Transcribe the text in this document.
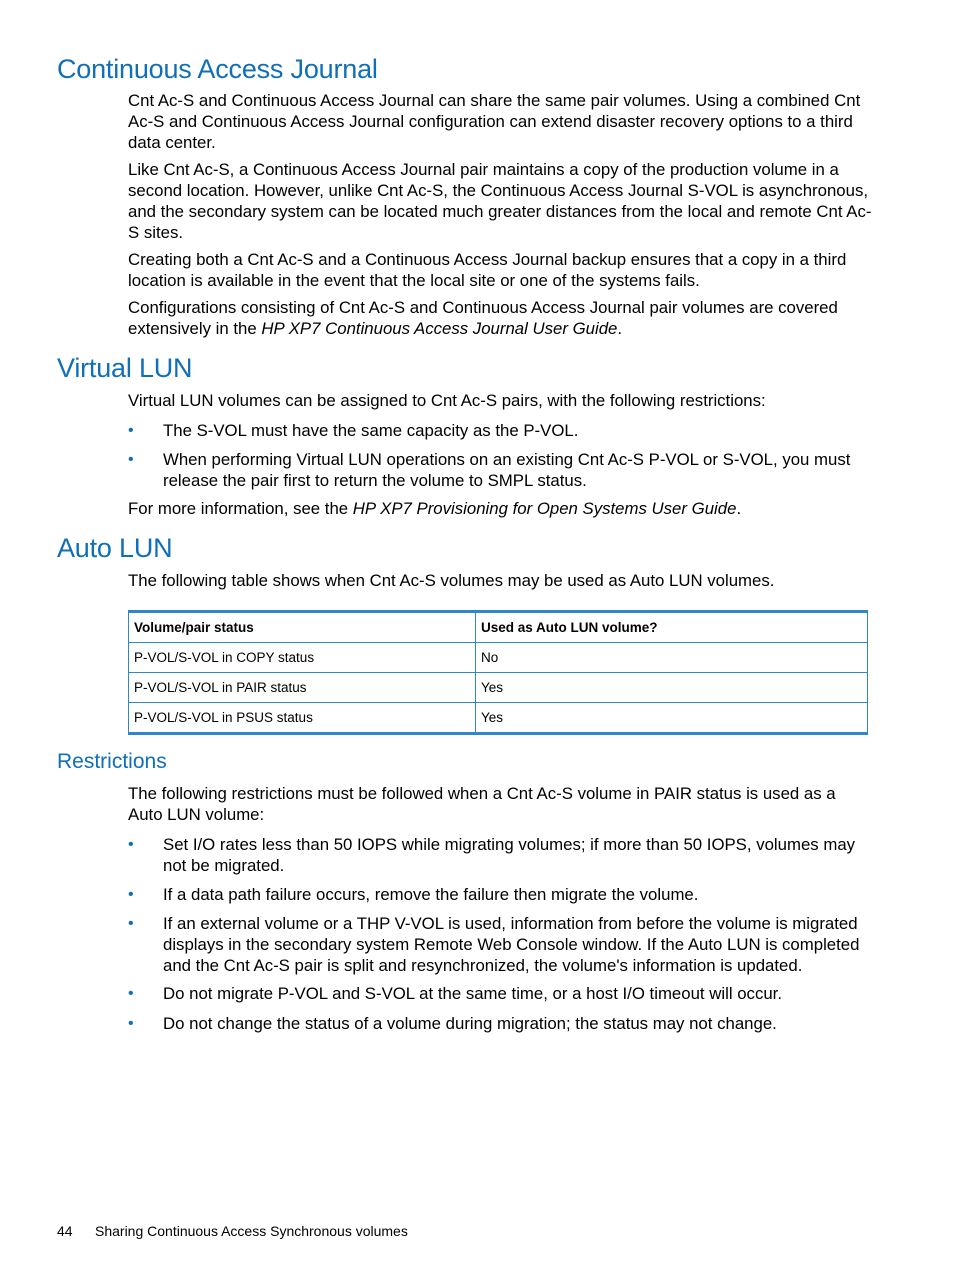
Continuous Access Journal

Cnt Ac-S and Continuous Access Journal can share the same pair volumes. Using a combined Cnt Ac-S and Continuous Access Journal configuration can extend disaster recovery options to a third data center.

Like Cnt Ac-S, a Continuous Access Journal pair maintains a copy of the production volume in a second location. However, unlike Cnt Ac-S, the Continuous Access Journal S-VOL is asynchronous, and the secondary system can be located much greater distances from the local and remote Cnt Ac-S sites.

Creating both a Cnt Ac-S and a Continuous Access Journal backup ensures that a copy in a third location is available in the event that the local site or one of the systems fails.

Configurations consisting of Cnt Ac-S and Continuous Access Journal pair volumes are covered extensively in the HP XP7 Continuous Access Journal User Guide.

Virtual LUN

Virtual LUN volumes can be assigned to Cnt Ac-S pairs, with the following restrictions:

• The S-VOL must have the same capacity as the P-VOL.
• When performing Virtual LUN operations on an existing Cnt Ac-S P-VOL or S-VOL, you must release the pair first to return the volume to SMPL status.

For more information, see the HP XP7 Provisioning for Open Systems User Guide.

Auto LUN

The following table shows when Cnt Ac-S volumes may be used as Auto LUN volumes.

Volume/pair status	Used as Auto LUN volume?
P-VOL/S-VOL in COPY status	No
P-VOL/S-VOL in PAIR status	Yes
P-VOL/S-VOL in PSUS status	Yes
Restrictions

The following restrictions must be followed when a Cnt Ac-S volume in PAIR status is used as a Auto LUN volume:

• Set I/O rates less than 50 IOPS while migrating volumes; if more than 50 IOPS, volumes may not be migrated.
• If a data path failure occurs, remove the failure then migrate the volume.
• If an external volume or a THP V-VOL is used, information from before the volume is migrated displays in the secondary system Remote Web Console window. If the Auto LUN is completed and the Cnt Ac-S pair is split and resynchronized, the volume's information is updated.
• Do not migrate P-VOL and S-VOL at the same time, or a host I/O timeout will occur.
• Do not change the status of a volume during migration; the status may not change.
44 Sharing Continuous Access Synchronous volumes
